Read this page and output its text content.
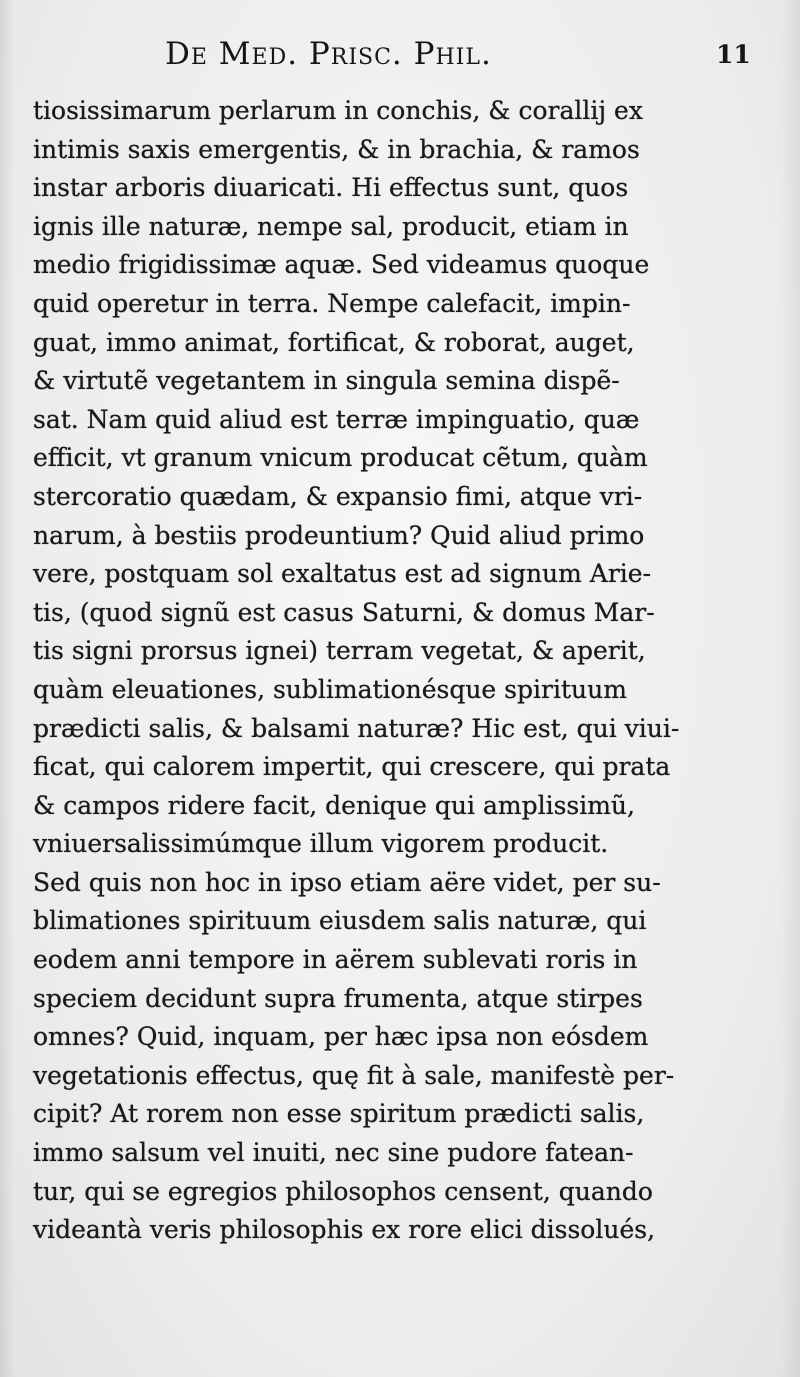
De Med. Prisc. Phil.	11
tiosissimarum perlarum in conchis, & corallij ex
intimis saxis emergentis, & in brachia, & ramos
instar arboris diuaricati. Hi effectus sunt, quos
ignis ille naturæ, nempe sal, producit, etiam in
medio frigidissimæ aquæ. Sed videamus quoque
quid operetur in terra. Nempe calefacit, impin-
guat, immo animat, fortificat, & roborat, auget,
& virtutẽ vegetantem in singula semina dispẽ-
sat. Nam quid aliud est terræ impinguatio, quæ
efficit, vt granum vnicum producat cẽtum, quàm
stercoratio quædam, & expansio fimi, atque vri-
narum, à bestiis prodeuntium? Quid aliud primo
vere, postquam sol exaltatus est ad signum Arie-
tis, (quod signũ est casus Saturni, & domus Mar-
tis signi prorsus ignei) terram vegetat, & aperit,
quàm eleuationes, sublimationésque spirituum
prædicti salis, & balsami naturæ? Hic est, qui viui-
ficat, qui calorem impertit, qui crescere, qui prata
& campos ridere facit, denique qui amplissimũ,
vniuersalissimúmque illum vigorem producit.
Sed quis non hoc in ipso etiam aëre videt, per su-
blimationes spirituum eiusdem salis naturæ, qui
eodem anni tempore in aërem sublevati roris in
speciem decidunt supra frumenta, atque stirpes
omnes? Quid, inquam, per hæc ipsa non eósdem
vegetationis effectus, quę fit à sale, manifestè per-
cipit? At rorem non esse spiritum prædicti salis,
immo salsum vel inuiti, nec sine pudore fatean-
tur, qui se egregios philosophos censent, quando
videantà veris philosophis ex rore elici dissolués,
